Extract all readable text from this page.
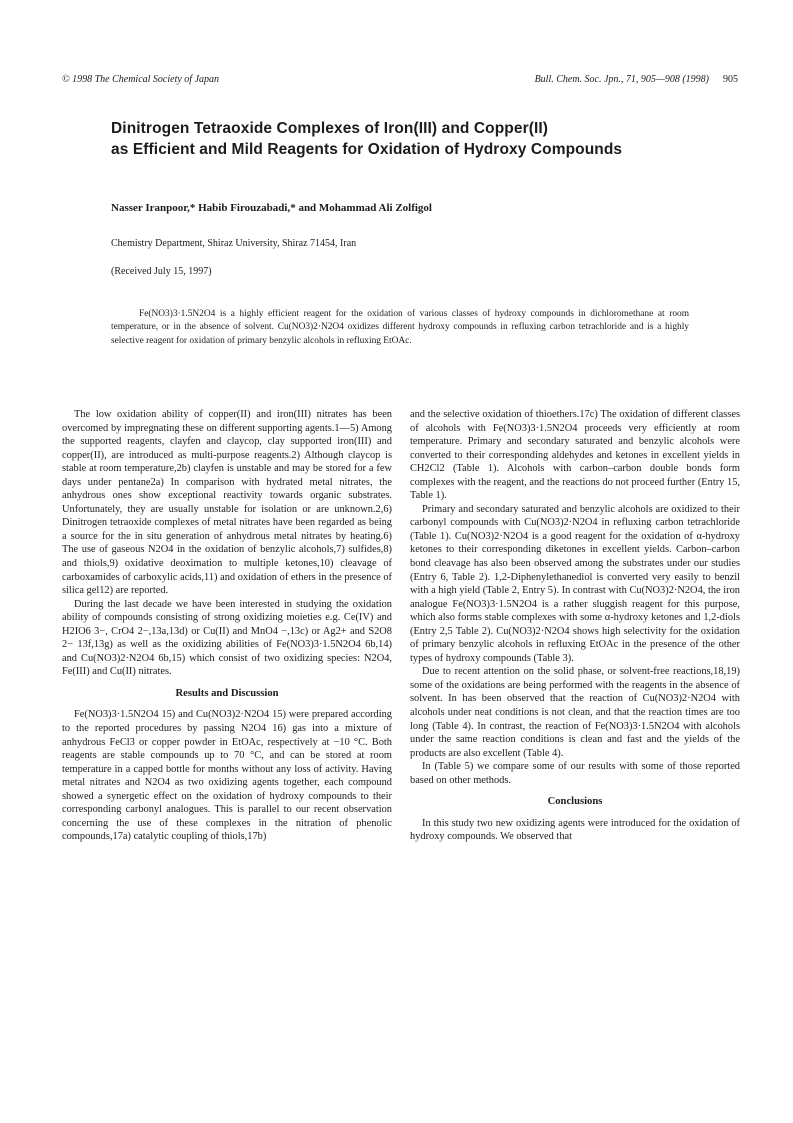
© 1998 The Chemical Society of Japan	Bull. Chem. Soc. Jpn., 71, 905—908 (1998) 905
Dinitrogen Tetraoxide Complexes of Iron(III) and Copper(II)
as Efficient and Mild Reagents for Oxidation of Hydroxy Compounds
Nasser Iranpoor,* Habib Firouzabadi,* and Mohammad Ali Zolfigol
Chemistry Department, Shiraz University, Shiraz 71454, Iran
(Received July 15, 1997)

Fe(NO3)3·1.5N2O4 is a highly efficient reagent for the oxidation of various classes of hydroxy compounds in dichloromethane at room temperature, or in the absence of solvent. Cu(NO3)2·N2O4 oxidizes different hydroxy compounds in refluxing carbon tetrachloride and is a highly selective reagent for oxidation of primary benzylic alcohols in refluxing EtOAc.

The low oxidation ability of copper(II) and iron(III) nitrates has been overcomed by impregnating these on different supporting agents.1—5) Among the supported reagents, clayfen and claycop, clay supported iron(III) and copper(II), are introduced as multi-purpose reagents.2) Although claycop is stable at room temperature,2b) clayfen is unstable and may be stored for a few days under pentane2a) In comparison with hydrated metal nitrates, the anhydrous ones show exceptional reactivity towards organic substrates. Unfortunately, they are usually unstable for isolation or are unknown.2,6) Dinitrogen tetraoxide complexes of metal nitrates have been regarded as being a source for the in situ generation of anhydrous metal nitrates by heating.6) The use of gaseous N2O4 in the oxidation of benzylic alcohols,7) sulfides,8) and thiols,9) oxidative deoximation to multiple ketones,10) cleavage of carboxamides of carboxylic acids,11) and oxidation of ethers in the presence of silica gel12) are reported.

During the last decade we have been interested in studying the oxidation ability of compounds consisting of strong oxidizing moieties e.g. Ce(IV) and H2IO6 3−, CrO4 2−,13a,13d) or Cu(II) and MnO4 −,13c) or Ag2+ and S2O8 2− 13f,13g) as well as the oxidizing abilities of Fe(NO3)3·1.5N2O4 6b,14) and Cu(NO3)2·N2O4 6b,15) which consist of two oxidizing species: N2O4, Fe(III) and Cu(II) nitrates.

Results and Discussion

Fe(NO3)3·1.5N2O4 15) and Cu(NO3)2·N2O4 15) were prepared according to the reported procedures by passing N2O4 16) gas into a mixture of anhydrous FeCl3 or copper powder in EtOAc, respectively at −10 °C. Both reagents are stable compounds up to 70 °C, and can be stored at room temperature in a capped bottle for months without any loss of activity. Having metal nitrates and N2O4 as two oxidizing agents together, each compound showed a synergetic effect on the oxidation of hydroxy compounds to their corresponding carbonyl analogues. This is parallel to our recent observation concerning the use of these complexes in the nitration of phenolic compounds,17a) catalytic coupling of thiols,17b)

and the selective oxidation of thioethers.17c) The oxidation of different classes of alcohols with Fe(NO3)3·1.5N2O4 proceeds very efficiently at room temperature. Primary and secondary saturated and benzylic alcohols were converted to their corresponding aldehydes and ketones in excellent yields in CH2Cl2 (Table 1). Alcohols with carbon–carbon double bonds form complexes with the reagent, and the reactions do not proceed further (Entry 15, Table 1).

Primary and secondary saturated and benzylic alcohols are oxidized to their carbonyl compounds with Cu(NO3)2·N2O4 in refluxing carbon tetrachloride (Table 1). Cu(NO3)2·N2O4 is a good reagent for the oxidation of α-hydroxy ketones to their corresponding diketones in excellent yields. Carbon–carbon bond cleavage has also been observed among the substrates under our studies (Entry 6, Table 2). 1,2-Diphenylethanediol is converted very easily to benzil with a high yield (Table 2, Entry 5). In contrast with Cu(NO3)2·N2O4, the iron analogue Fe(NO3)3·1.5N2O4 is a rather sluggish reagent for this purpose, which also forms stable complexes with some α-hydroxy ketones and 1,2-diols (Entry 2,5 Table 2). Cu(NO3)2·N2O4 shows high selectivity for the oxidation of primary benzylic alcohols in refluxing EtOAc in the presence of the other types of hydroxy compounds (Table 3).

Due to recent attention on the solid phase, or solvent-free reactions,18,19) some of the oxidations are being performed with the reagents in the absence of solvent. In has been observed that the reaction of Cu(NO3)2·N2O4 with alcohols under neat conditions is not clean, and that the reaction times are too long (Table 4). In contrast, the reaction of Fe(NO3)3·1.5N2O4 with alcohols under the same reaction conditions is clean and fast and the yields of the products are also excellent (Table 4).

In (Table 5) we compare some of our results with some of those reported based on other methods.

Conclusions

In this study two new oxidizing agents were introduced for the oxidation of hydroxy compounds. We observed that
